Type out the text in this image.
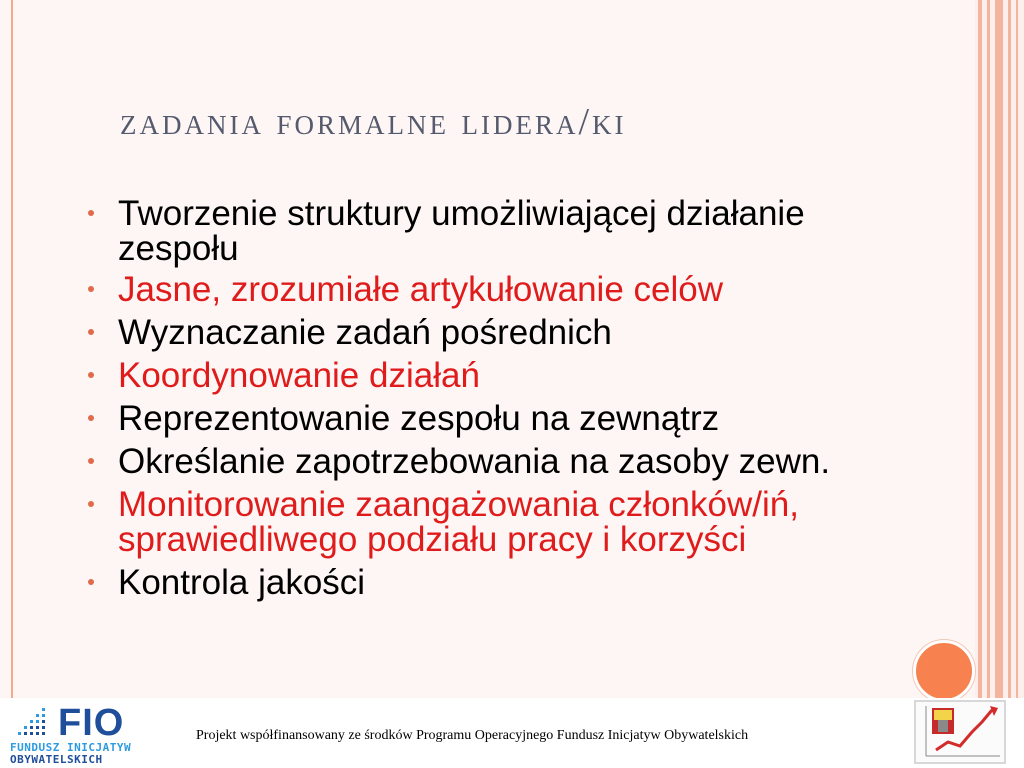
zadania formalne lidera/ki
Tworzenie struktury umożliwiającej działanie zespołu
Jasne, zrozumiałe artykułowanie celów
Wyznaczanie zadań pośrednich
Koordynowanie działań
Reprezentowanie zespołu na zewnątrz
Określanie zapotrzebowania na zasoby zewn.
Monitorowanie zaangażowania członków/iń, sprawiedliwego podziału pracy i korzyści
Kontrola jakości
FIO
FUNDUSZ INICJATYW
OBYWATELSKICH
Projekt współfinansowany ze środków Programu Operacyjnego Fundusz Inicjatyw Obywatelskich
